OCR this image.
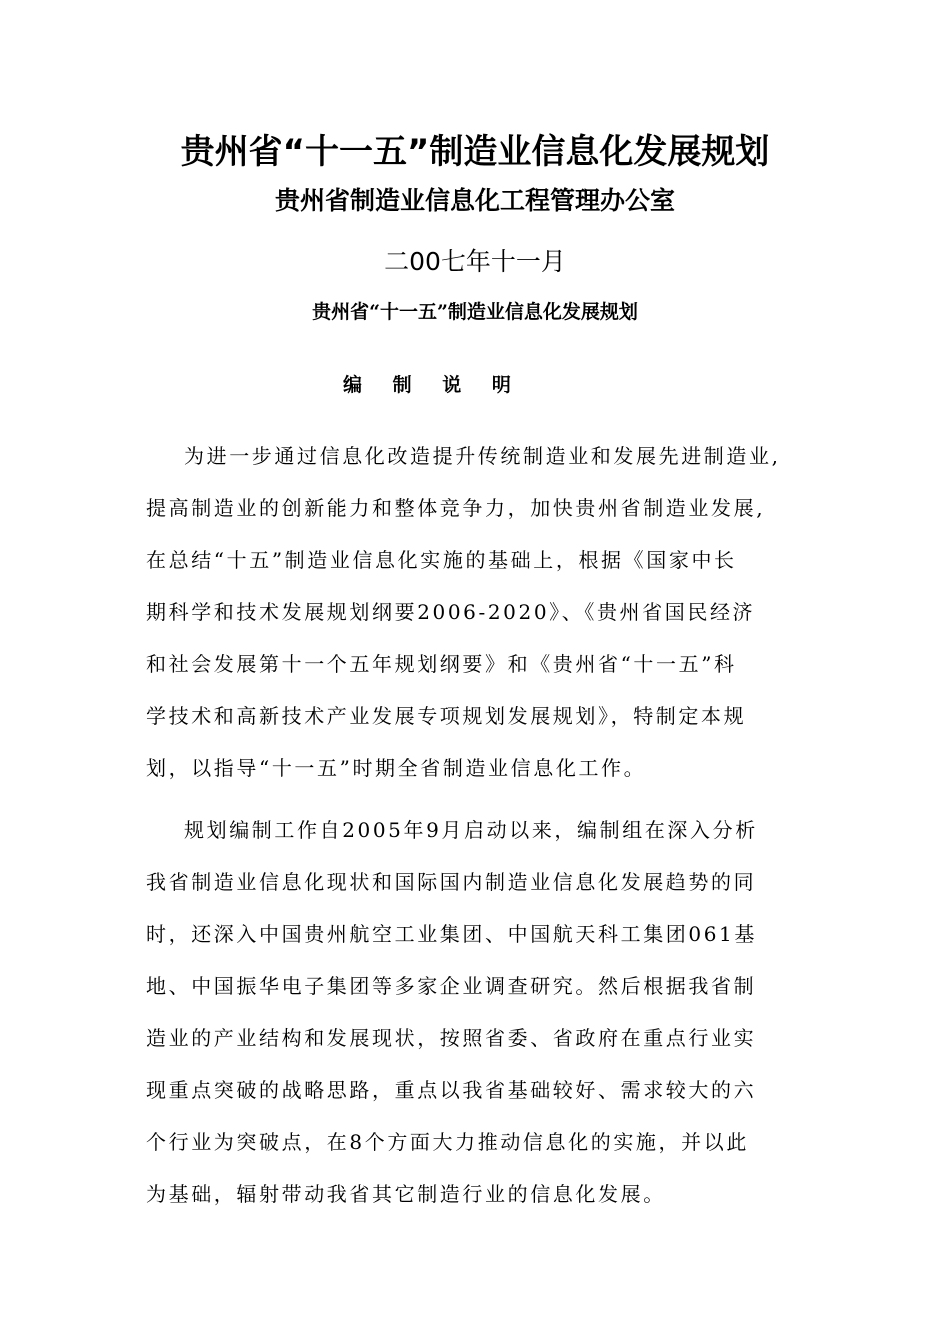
贵州省“十一五”制造业信息化发展规划
贵州省制造业信息化工程管理办公室
二00七年十一月
贵州省“十一五”制造业信息化发展规划
编 制 说 明
为进一步通过信息化改造提升传统制造业和发展先进制造业,
提高制造业的创新能力和整体竞争力，加快贵州省制造业发展,
在总结“十五”制造业信息化实施的基础上，根据《国家中长
期科学和技术发展规划纲要2006-2020》、《贵州省国民经济
和社会发展第十一个五年规划纲要》和《贵州省“十一五”科
学技术和高新技术产业发展专项规划发展规划》，特制定本规
划，以指导“十一五”时期全省制造业信息化工作。
规划编制工作自2005年9月启动以来，编制组在深入分析
我省制造业信息化现状和国际国内制造业信息化发展趋势的同
时，还深入中国贵州航空工业集团、中国航天科工集团061基
地、中国振华电子集团等多家企业调查研究。然后根据我省制
造业的产业结构和发展现状，按照省委、省政府在重点行业实
现重点突破的战略思路，重点以我省基础较好、需求较大的六
个行业为突破点，在8个方面大力推动信息化的实施，并以此
为基础，辐射带动我省其它制造行业的信息化发展。
